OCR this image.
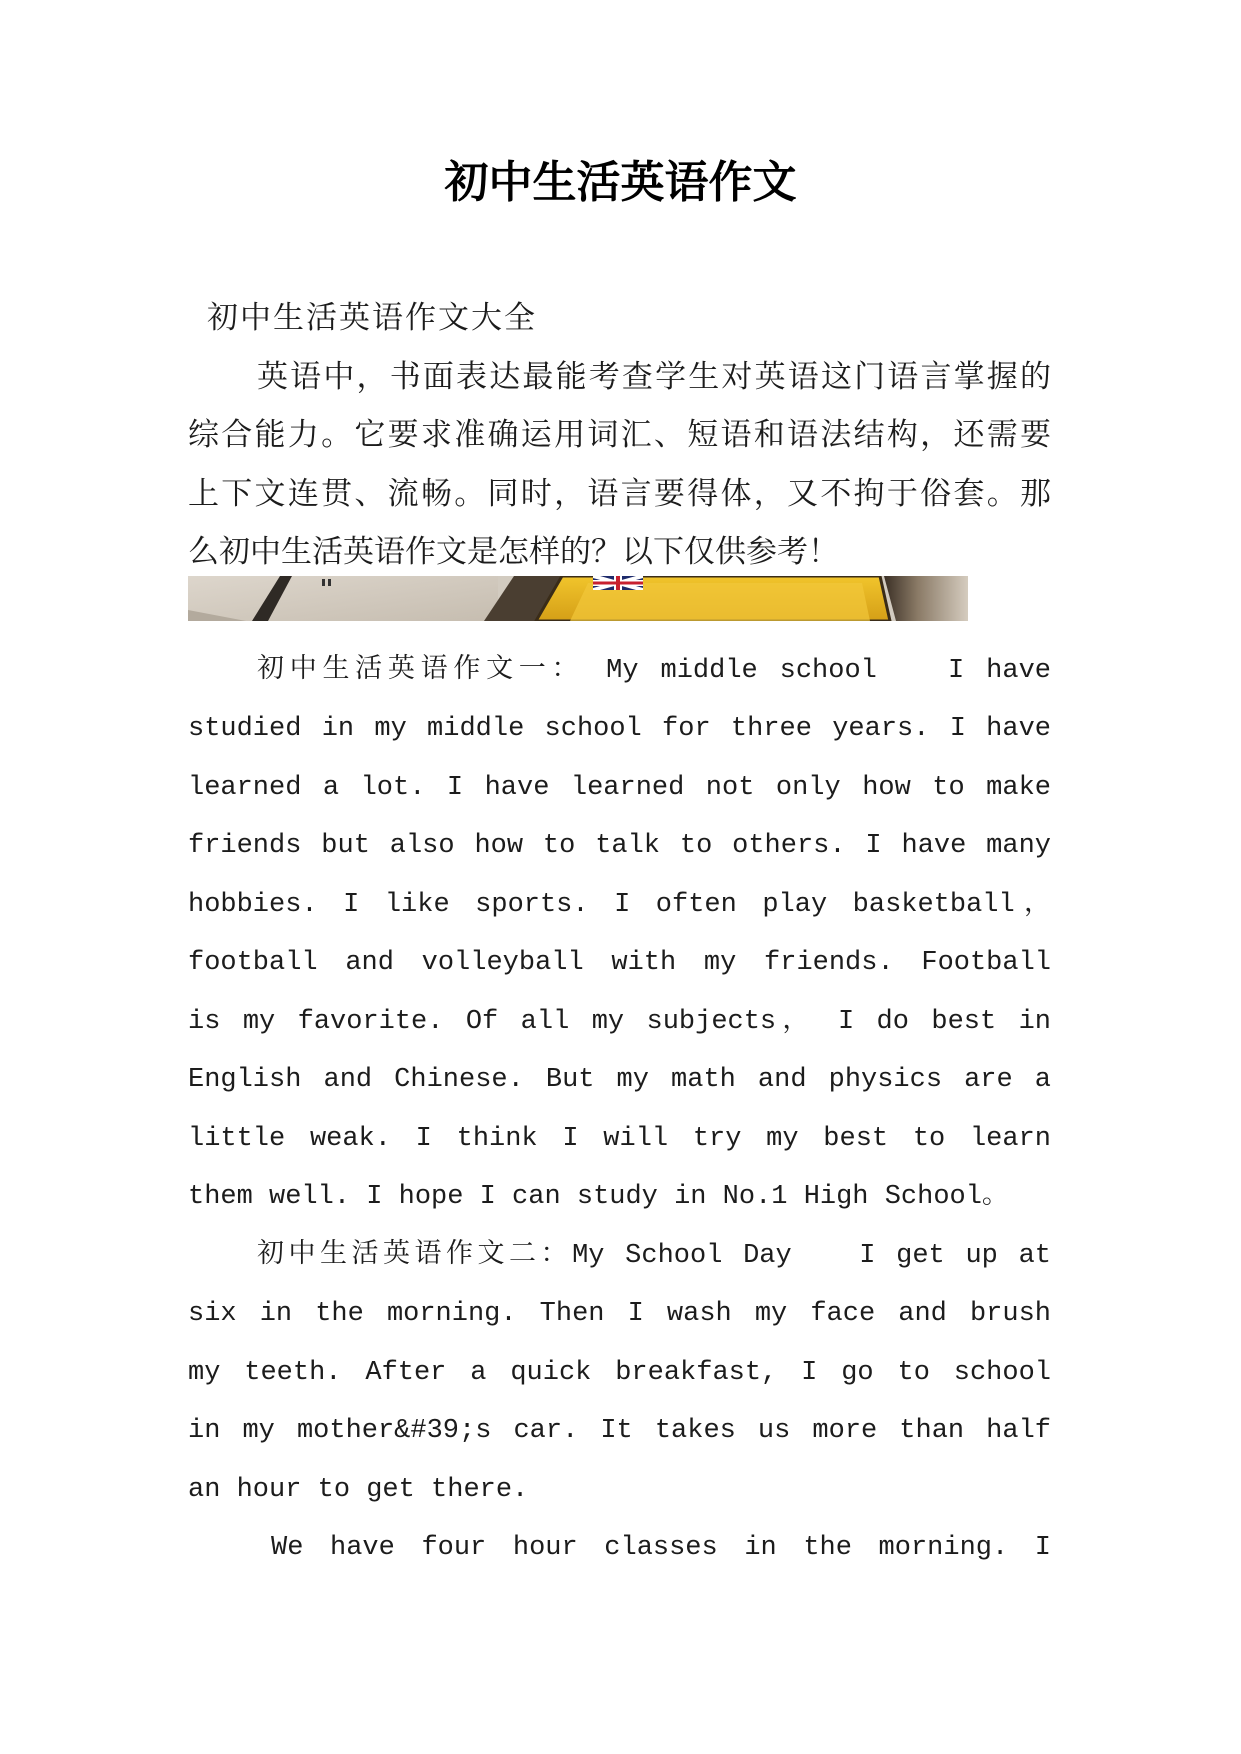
初中生活英语作文
初中生活英语作文大全
英语中，书面表达最能考查学生对英语这门语言掌握的
综合能力。它要求准确运用词汇、短语和语法结构，还需要
上下文连贯、流畅。同时，语言要得体，又不拘于俗套。那
么初中生活英语作文是怎样的？以下仅供参考！
初中生活英语作文一： My middle school　　I have
studied in my middle school for three years. I have
learned a lot. I have learned not only how to make
friends but also how to talk to others. I have many
hobbies. I like sports. I often play basketball，
football and volleyball with my friends. Football
is my favorite. Of all my subjects， I do best in
English and Chinese. But my math and physics are a
little weak. I think I will try my best to learn
them well. I hope I can study in No.1 High School。
初中生活英语作文二：My School Day　　I get up at
six in the morning. Then I wash my face and brush
my teeth. After a quick breakfast, I go to school
in my mother&#39;s car. It takes us more than half
an hour to get there.
We have four hour classes in the morning. I
